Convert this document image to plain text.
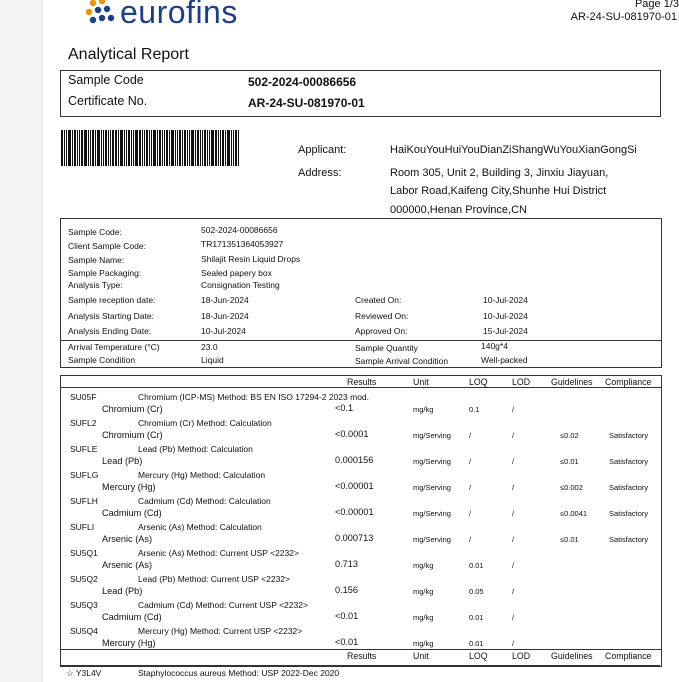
eurofins	Page 1/3
AR-24-SU-081970-01
Analytical Report
Sample Code	502-2024-00086656
Certificate No.	AR-24-SU-081970-01
Applicant:	HaiKouYouHuiYouDianZiShangWuYouXianGongSi
Address:	Room 305, Unit 2, Building 3, Jinxiu Jiayuan,
Labor Road,Kaifeng City,Shunhe Hui District
000000,Henan Province,CN
Sample Code:	502-2024-00086656
Client Sample Code:	TR171351364053927
Sample Name:	Shilajit Resin Liquid Drops
Sample Packaging:	Sealed papery box
Analysis Type:	Consignation Testing
Sample reception date:	18-Jun-2024
Analysis Starting Date:	18-Jun-2024
Analysis Ending Date:	10-Jul-2024
Created On:	10-Jul-2024
Reviewed On:	10-Jul-2024
Approved On:	15-Jul-2024
Arrival Temperature (°C)	23.0	Sample Quantity	140g*4
Sample Condition	Liquid	Sample Arrival Condition	Well-packed
Results	Unit	LOQ	LOD Guidelines Compliance
SU05F	Chromium (ICP-MS) Method: BS EN ISO 17294-2 2023 mod.
Chromium (Cr)	<0.1	mg/kg	0.1	/
SUFL2	Chromium (Cr) Method: Calculation
Chromium (Cr)	<0.0001	mg/Serving /	/	≤0.02	Satisfactory
SUFLE	Lead (Pb) Method: Calculation
Lead (Pb)	0.000156	mg/Serving /	/	≤0.01	Satisfactory
SUFLG	Mercury (Hg) Method: Calculation
Mercury (Hg)	<0.00001	mg/Serving /	/	≤0.002	Satisfactory
SUFLH	Cadmium (Cd) Method: Calculation
Cadmium (Cd)	<0.00001	mg/Serving /	/	≤0.0041	Satisfactory
SUFLI	Arsenic (As) Method: Calculation
Arsenic (As)	0.000713	mg/Serving /	/	≤0.01	Satisfactory
SU5Q1	Arsenic (As) Method: Current USP <2232>
Arsenic (As)	0.713	mg/kg	0.01	/
SU5Q2	Lead (Pb) Method: Current USP <2232>
Lead (Pb)	0.156	mg/kg	0.05	/
SU5Q3	Cadmium (Cd) Method: Current USP <2232>
Cadmium (Cd)	<0.01	mg/kg	0.01	/
SU5Q4	Mercury (Hg) Method: Current USP <2232>
Mercury (Hg)	<0.01	mg/kg	0.01	/
Results	Unit	LOQ	LOD Guidelines Compliance
☆ Y3L4V	Staphylococcus aureus Method: USP 2022-Dec 2020
